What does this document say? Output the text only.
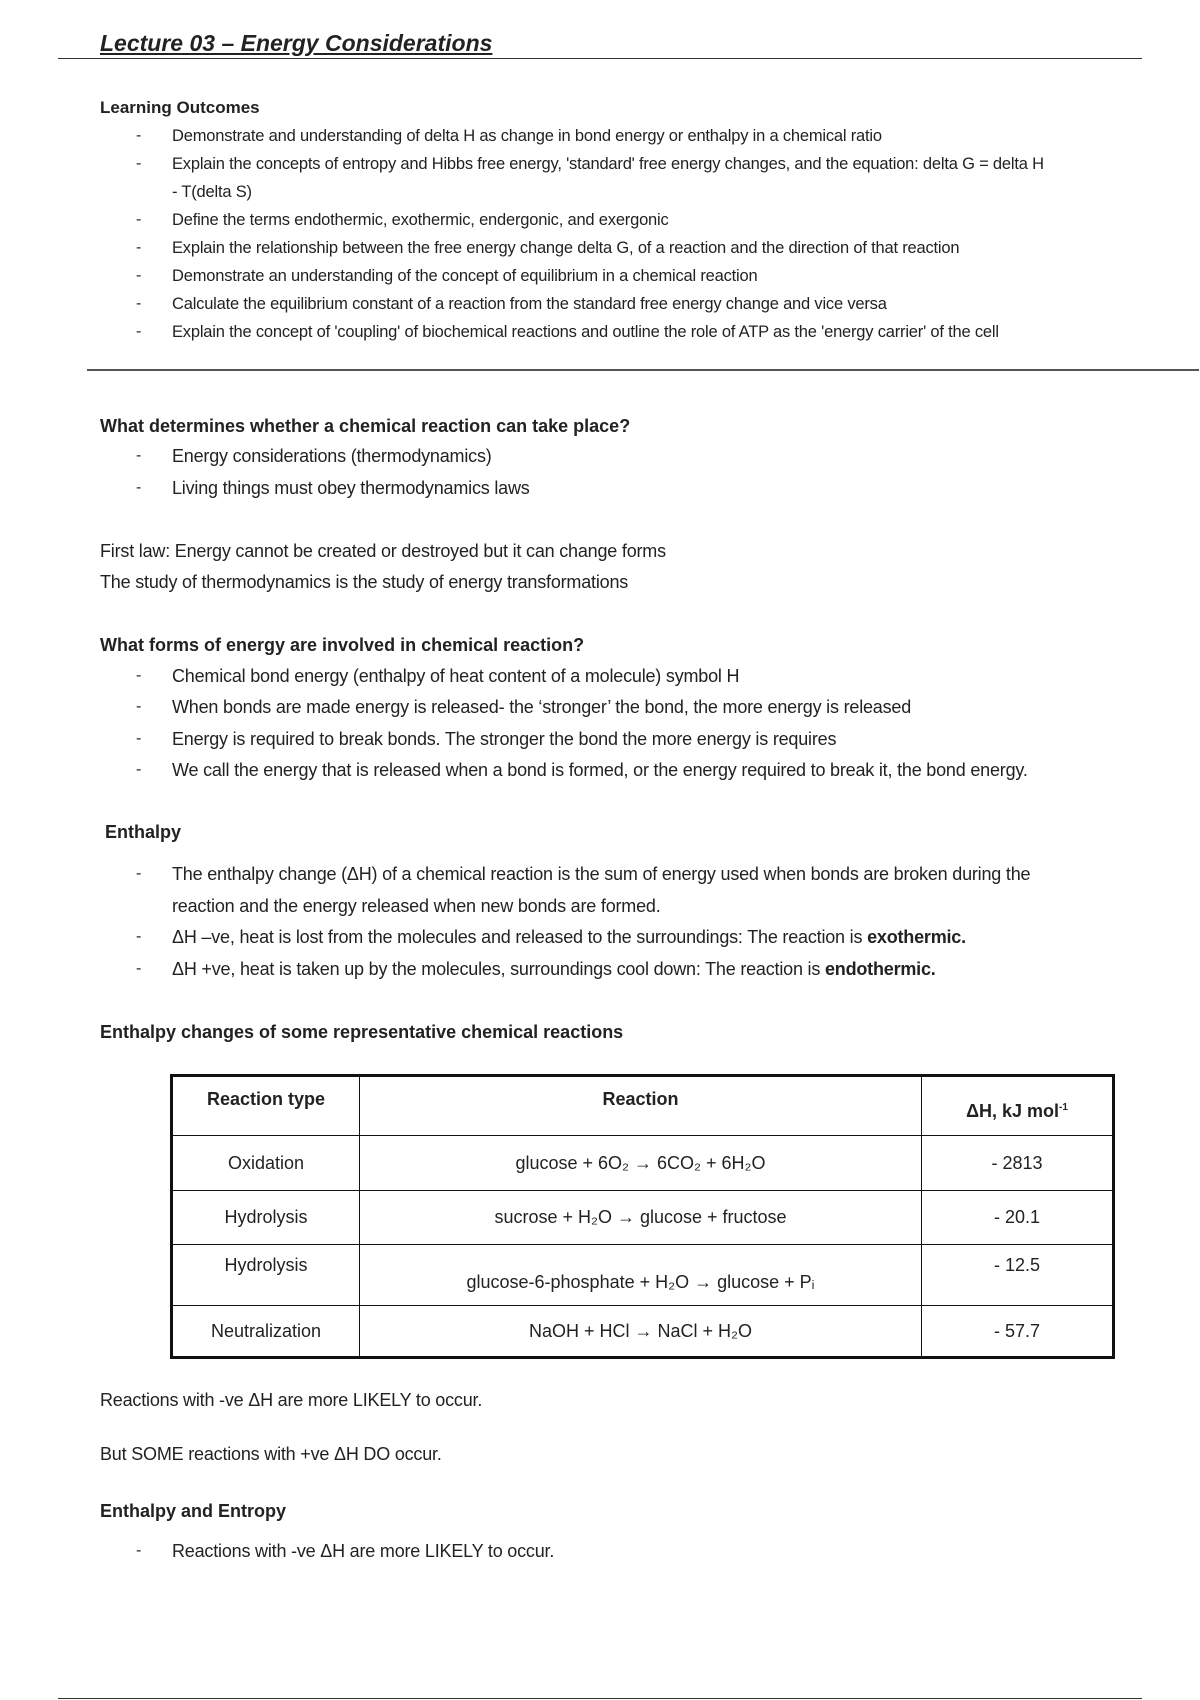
Lecture 03 – Energy Considerations
Learning Outcomes
- Demonstrate and understanding of delta H as change in bond energy or enthalpy in a chemical ratio
- Explain the concepts of entropy and Hibbs free energy, 'standard' free energy changes, and the equation: delta G = delta H
- T(delta S)
- Define the terms endothermic, exothermic, endergonic, and exergonic
- Explain the relationship between the free energy change delta G, of a reaction and the direction of that reaction
- Demonstrate an understanding of the concept of equilibrium in a chemical reaction
- Calculate the equilibrium constant of a reaction from the standard free energy change and vice versa
- Explain the concept of 'coupling' of biochemical reactions and outline the role of ATP as the 'energy carrier' of the cell
What determines whether a chemical reaction can take place?
- Energy considerations (thermodynamics)
- Living things must obey thermodynamics laws
First law: Energy cannot be created or destroyed but it can change forms
The study of thermodynamics is the study of energy transformations
What forms of energy are involved in chemical reaction?
- Chemical bond energy (enthalpy of heat content of a molecule) symbol H
- When bonds are made energy is released- the ‘stronger’ the bond, the more energy is released
- Energy is required to break bonds. The stronger the bond the more energy is requires
- We call the energy that is released when a bond is formed, or the energy required to break it, the bond energy.
Enthalpy
- The enthalpy change (ΔH) of a chemical reaction is the sum of energy used when bonds are broken during the
reaction and the energy released when new bonds are formed.
- ΔH –ve, heat is lost from the molecules and released to the surroundings: The reaction is exothermic.
- ΔH +ve, heat is taken up by the molecules, surroundings cool down: The reaction is endothermic.
Enthalpy changes of some representative chemical reactions
Reaction type	Reaction	ΔH, kJ mol$^{-1}$
Oxidation	glucose + 6O₂ → 6CO₂ + 6H₂O	- 2813
Hydrolysis	sucrose + H₂O → glucose + fructose	- 20.1
Hydrolysis	glucose-6-phosphate + H₂O → glucose + Pᵢ	- 12.5
Neutralization	NaOH + HCl → NaCl + H₂O	- 57.7
Reactions with -ve ΔH are more LIKELY to occur.
But SOME reactions with +ve ΔH DO occur.
Enthalpy and Entropy
- Reactions with -ve ΔH are more LIKELY to occur.
